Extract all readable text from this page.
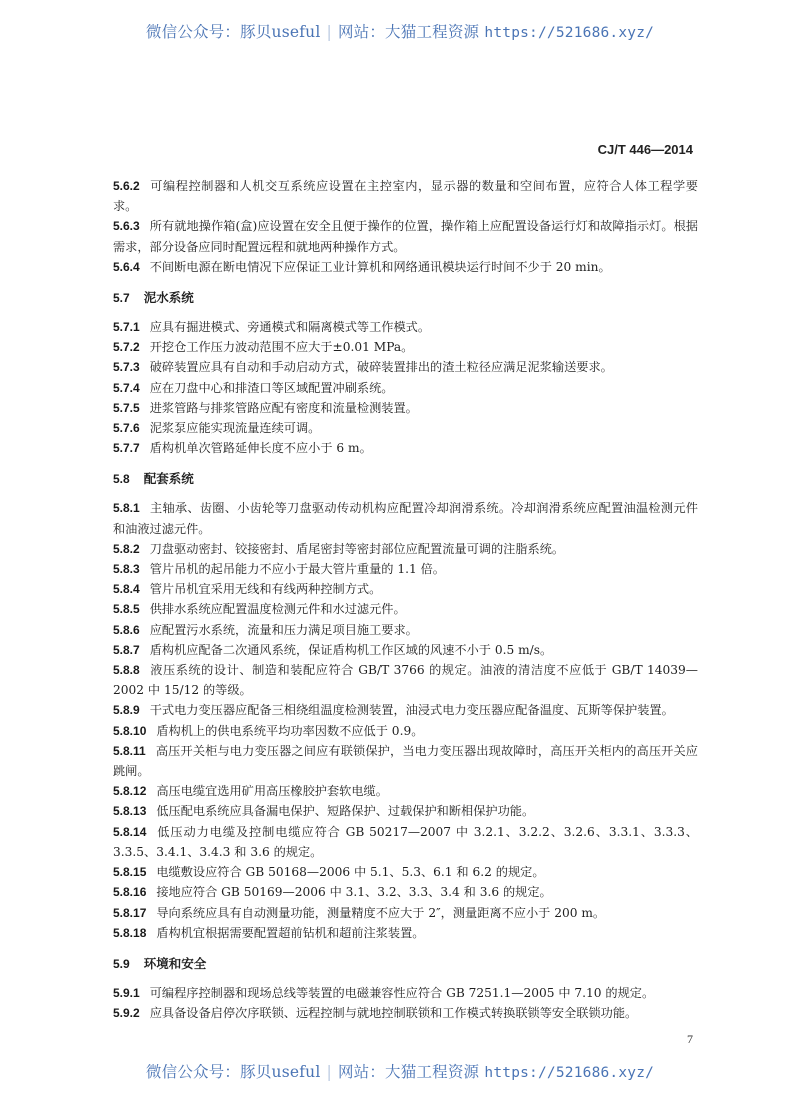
微信公众号：豚贝useful | 网站：大猫工程资源 https://521686.xyz/
CJ/T 446—2014

5.6.2 可编程控制器和人机交互系统应设置在主控室内，显示器的数量和空间布置，应符合人体工程学要求。

5.6.3 所有就地操作箱(盒)应设置在安全且便于操作的位置，操作箱上应配置设备运行灯和故障指示灯。根据需求，部分设备应同时配置远程和就地两种操作方式。

5.6.4 不间断电源在断电情况下应保证工业计算机和网络通讯模块运行时间不少于 20 min。

5.7 泥水系统

5.7.1 应具有掘进模式、旁通模式和隔离模式等工作模式。

5.7.2 开挖仓工作压力波动范围不应大于±0.01 MPa。

5.7.3 破碎装置应具有自动和手动启动方式，破碎装置排出的渣土粒径应满足泥浆输送要求。

5.7.4 应在刀盘中心和排渣口等区域配置冲刷系统。

5.7.5 进浆管路与排浆管路应配有密度和流量检测装置。

5.7.6 泥浆泵应能实现流量连续可调。

5.7.7 盾构机单次管路延伸长度不应小于 6 m。

5.8 配套系统

5.8.1 主轴承、齿圈、小齿轮等刀盘驱动传动机构应配置冷却润滑系统。冷却润滑系统应配置油温检测元件和油液过滤元件。

5.8.2 刀盘驱动密封、铰接密封、盾尾密封等密封部位应配置流量可调的注脂系统。

5.8.3 管片吊机的起吊能力不应小于最大管片重量的 1.1 倍。

5.8.4 管片吊机宜采用无线和有线两种控制方式。

5.8.5 供排水系统应配置温度检测元件和水过滤元件。

5.8.6 应配置污水系统，流量和压力满足项目施工要求。

5.8.7 盾构机应配备二次通风系统，保证盾构机工作区域的风速不小于 0.5 m/s。

5.8.8 液压系统的设计、制造和装配应符合 GB/T 3766 的规定。油液的清洁度不应低于 GB/T 14039—2002 中 15/12 的等级。

5.8.9 干式电力变压器应配备三相绕组温度检测装置，油浸式电力变压器应配备温度、瓦斯等保护装置。

5.8.10 盾构机上的供电系统平均功率因数不应低于 0.9。

5.8.11 高压开关柜与电力变压器之间应有联锁保护，当电力变压器出现故障时，高压开关柜内的高压开关应跳闸。

5.8.12 高压电缆宜选用矿用高压橡胶护套软电缆。

5.8.13 低压配电系统应具备漏电保护、短路保护、过载保护和断相保护功能。

5.8.14 低压动力电缆及控制电缆应符合 GB 50217—2007 中 3.2.1、3.2.2、3.2.6、3.3.1、3.3.3、3.3.5、3.4.1、3.4.3 和 3.6 的规定。

5.8.15 电缆敷设应符合 GB 50168—2006 中 5.1、5.3、6.1 和 6.2 的规定。

5.8.16 接地应符合 GB 50169—2006 中 3.1、3.2、3.3、3.4 和 3.6 的规定。

5.8.17 导向系统应具有自动测量功能，测量精度不应大于 2″，测量距离不应小于 200 m。

5.8.18 盾构机宜根据需要配置超前钻机和超前注浆装置。

5.9 环境和安全

5.9.1 可编程序控制器和现场总线等装置的电磁兼容性应符合 GB 7251.1—2005 中 7.10 的规定。

5.9.2 应具备设备启停次序联锁、远程控制与就地控制联锁和工作模式转换联锁等安全联锁功能。

7
微信公众号：豚贝useful | 网站：大猫工程资源 https://521686.xyz/
